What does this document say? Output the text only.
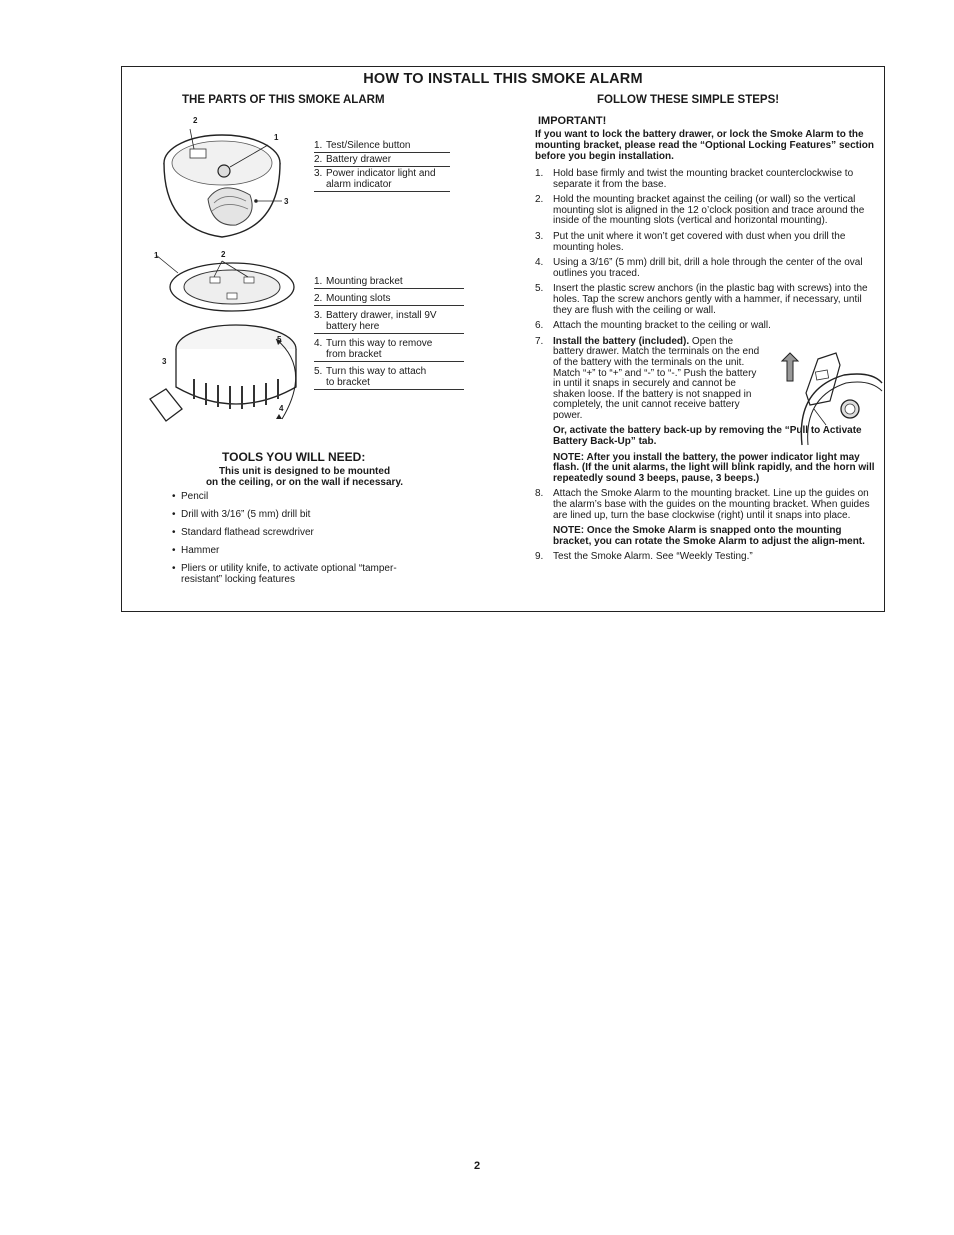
HOW TO INSTALL THIS SMOKE ALARM
THE PARTS OF THIS SMOKE ALARM	FOLLOW THESE SIMPLE STEPS!
2
1
3
1. Test/Silence button
2. Battery drawer
3. Power indicator light and
alarm indicator
1	2
3
5
4
1. Mounting bracket
2. Mounting slots
3. Battery drawer, install 9V
battery here
4. Turn this way to remove
from bracket
5. Turn this way to attach
to bracket
TOOLS YOU WILL NEED:
This unit is designed to be mounted
on the ceiling, or on the wall if necessary.
• Pencil
• Drill with 3/16” (5 mm) drill bit
• Standard flathead screwdriver
• Hammer
• Pliers or utility knife, to activate optional “tamper-resistant” locking features
IMPORTANT!
If you want to lock the battery drawer, or lock the Smoke Alarm to the mounting bracket, please read the “Optional Locking Features” section before you begin installation.
1. Hold base firmly and twist the mounting bracket counterclockwise to separate it from the base.
2. Hold the mounting bracket against the ceiling (or wall) so the vertical mounting slot is aligned in the 12 o’clock position and trace around the inside of the mounting slots (vertical and horizontal mounting).
3. Put the unit where it won’t get covered with dust when you drill the mounting holes.
4. Using a 3/16” (5 mm) drill bit, drill a hole through the center of the oval outlines you traced.
5. Insert the plastic screw anchors (in the plastic bag with screws) into the holes. Tap the screw anchors gently with a hammer, if necessary, until they are flush with the ceiling or wall.
6. Attach the mounting bracket to the ceiling or wall.
7. Install the battery (included). Open the battery drawer. Match the terminals on the end of the battery with the terminals on the unit. Match “+” to “+” and “-” to “-.” Push the battery in until it snaps in securely and cannot be shaken loose. If the battery is not snapped in completely, the unit cannot receive battery power.
Or, activate the battery back-up by removing the “Pull to Activate Battery Back-Up” tab.
NOTE: After you install the battery, the power indicator light may flash. (If the unit alarms, the light will blink rapidly, and the horn will repeatedly sound 3 beeps, pause, 3 beeps.)
8. Attach the Smoke Alarm to the mounting bracket. Line up the guides on the alarm’s base with the guides on the mounting bracket. When guides are lined up, turn the base clockwise (right) until it snaps into place.
NOTE: Once the Smoke Alarm is snapped onto the mounting bracket, you can rotate the Smoke Alarm to adjust the align-ment.
9. Test the Smoke Alarm. See “Weekly Testing.”
2
